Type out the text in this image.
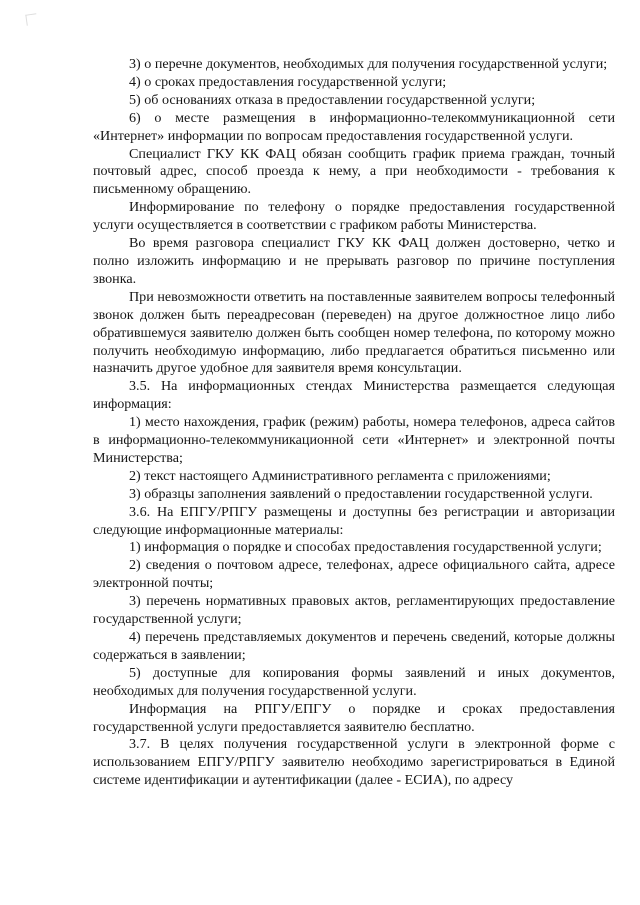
3) о перечне документов, необходимых для получения государственной услуги;

4) о сроках предоставления государственной услуги;

5) об основаниях отказа в предоставлении государственной услуги;

6) о месте размещения в информационно-телекоммуникационной сети «Интернет» информации по вопросам предоставления государственной услуги.

Специалист ГКУ КК ФАЦ обязан сообщить график приема граждан, точный почтовый адрес, способ проезда к нему, а при необходимости - требования к письменному обращению.

Информирование по телефону о порядке предоставления государственной услуги осуществляется в соответствии с графиком работы Министерства.

Во время разговора специалист ГКУ КК ФАЦ должен достоверно, четко и полно изложить информацию и не прерывать разговор по причине поступления звонка.

При невозможности ответить на поставленные заявителем вопросы телефонный звонок должен быть переадресован (переведен) на другое должностное лицо либо обратившемуся заявителю должен быть сообщен номер телефона, по которому можно получить необходимую информацию, либо предлагается обратиться письменно или назначить другое удобное для заявителя время консультации.

3.5. На информационных стендах Министерства размещается следующая информация:

1) место нахождения, график (режим) работы, номера телефонов, адреса сайтов в информационно-телекоммуникационной сети «Интернет» и электронной почты Министерства;

2) текст настоящего Административного регламента с приложениями;

3) образцы заполнения заявлений о предоставлении государственной услуги.

3.6. На ЕПГУ/РПГУ размещены и доступны без регистрации и авторизации следующие информационные материалы:

1) информация о порядке и способах предоставления государственной услуги;

2) сведения о почтовом адресе, телефонах, адресе официального сайта, адресе электронной почты;

3) перечень нормативных правовых актов, регламентирующих предоставление государственной услуги;

4) перечень представляемых документов и перечень сведений, которые должны содержаться в заявлении;

5) доступные для копирования формы заявлений и иных документов, необходимых для получения государственной услуги.

Информация на РПГУ/ЕПГУ о порядке и сроках предоставления государственной услуги предоставляется заявителю бесплатно.

3.7. В целях получения государственной услуги в электронной форме с использованием ЕПГУ/РПГУ заявителю необходимо зарегистрироваться в Единой системе идентификации и аутентификации (далее - ЕСИА), по адресу
